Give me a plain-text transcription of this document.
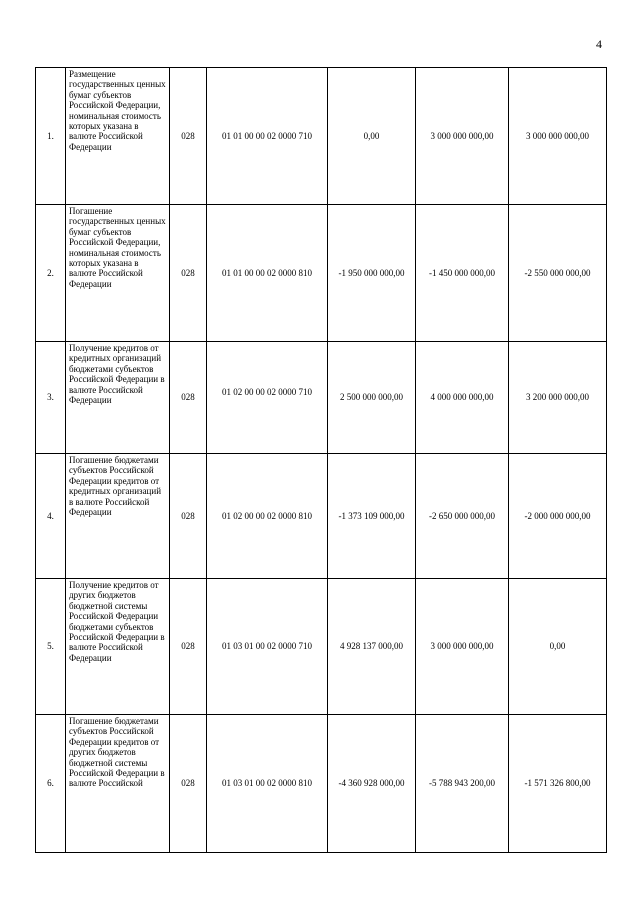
4
1.	Размещение государственных ценных бумаг субъектов Российской Федерации, номинальная стоимость которых указана в валюте Российской Федерации	028	01 01 00 00 02 0000 710	0,00	3 000 000 000,00	3 000 000 000,00
2.	Погашение государственных ценных бумаг субъектов Российской Федерации, номинальная стоимость которых указана в валюте Российской Федерации	028	01 01 00 00 02 0000 810	-1 950 000 000,00	-1 450 000 000,00	-2 550 000 000,00
3.	Получение кредитов от кредитных организаций бюджетами субъектов Российской Федерации в валюте Российской Федерации	028	01 02 00 00 02 0000 710	2 500 000 000,00	4 000 000 000,00	3 200 000 000,00
4.	Погашение бюджетами субъектов Российской Федерации кредитов от кредитных организаций в валюте Российской Федерации	028	01 02 00 00 02 0000 810	-1 373 109 000,00	-2 650 000 000,00	-2 000 000 000,00
5.	Получение кредитов от других бюджетов бюджетной системы Российской Федерации бюджетами субъектов Российской Федерации в валюте Российской Федерации	028	01 03 01 00 02 0000 710	4 928 137 000,00	3 000 000 000,00	0,00
6.	Погашение бюджетами субъектов Российской Федерации кредитов от других бюджетов бюджетной системы Российской Федерации в валюте Российской	028	01 03 01 00 02 0000 810	-4 360 928 000,00	-5 788 943 200,00	-1 571 326 800,00
